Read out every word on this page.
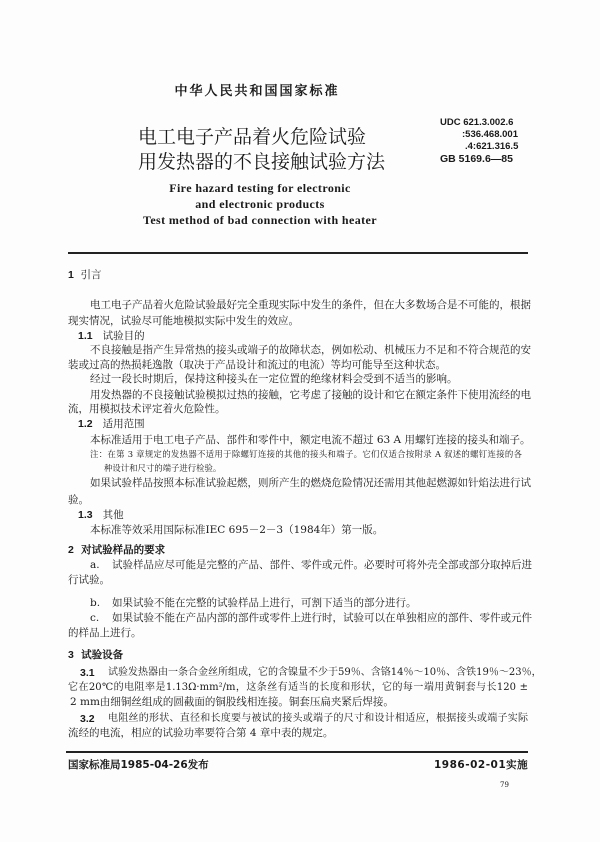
中华人民共和国国家标准
电工电子产品着火危险试验
用发热器的不良接触试验方法
Fire hazard testing for electronic
and electronic products
Test method of bad connection with heater
UDC 621.3.002.6
:536.468.001
.4:621.316.5
GB 5169.6—85
1 引言
电工电子产品着火危险试验最好完全重现实际中发生的条件，但在大多数场合是不可能的，根据
现实情况，试验尽可能地模拟实际中发生的效应。
1.1 试验目的
不良接触是指产生异常热的接头或端子的故障状态，例如松动、机械压力不足和不符合规范的安
装或过高的热损耗逸散（取决于产品设计和流过的电流）等均可能导至这种状态。
经过一段长时期后，保持这种接头在一定位置的绝缘材料会受到不适当的影响。
用发热器的不良接触试验模拟过热的接触，它考虑了接触的设计和它在额定条件下使用流经的电
流，用模拟技术评定着火危险性。
1.2 适用范围
本标准适用于电工电子产品、部件和零件中，额定电流不超过 63 A 用螺钉连接的接头和端子。
注：在第 3 章规定的发热器不适用于除螺钉连接的其他的接头和端子。它们仅适合按附录 A 叙述的螺钉连接的各
种设计和尺寸的端子进行检验。
如果试验样品按照本标准试验起燃，则所产生的燃烧危险情况还需用其他起燃源如针焰法进行试
验。
1.3 其他
本标准等效采用国际标准IEC 695－2－3（1984年）第一版。
2 对试验样品的要求
a. 试验样品应尽可能是完整的产品、部件、零件或元件。必要时可将外壳全部或部分取掉后进
行试验。
b. 如果试验不能在完整的试验样品上进行，可割下适当的部分进行。
c. 如果试验不能在产品内部的部件或零件上进行时，试验可以在单独相应的部件、零件或元件
的样品上进行。
3 试验设备
3.1 试验发热器由一条合金丝所组成，它的含镍量不少于59％、含铬14％～10％、含铁19％～23％，
它在20℃的电阻率是1.13Ω·mm²/m，这条丝有适当的长度和形状，它的每一端用黄铜套与长120 ±
2 mm由细铜丝组成的圆截面的铜股线相连接。铜套压扁夹紧后焊接。
3.2 电阻丝的形状、直径和长度要与被试的接头或端子的尺寸和设计相适应，根据接头或端子实际
流经的电流，相应的试验功率要符合第 4 章中表的规定。
国家标准局1985-04-26发布	1986-02-01实施
79
